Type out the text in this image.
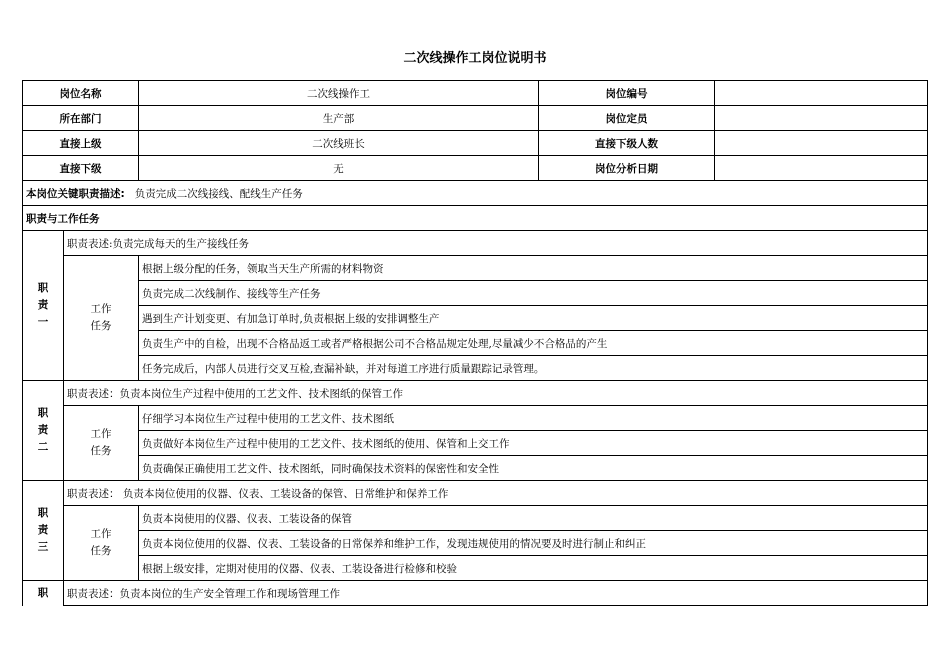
二次线操作工岗位说明书
岗位名称		二次线操作工	岗位编号	
所在部门		生产部	岗位定员	
直接上级		二次线班长	直接下级人数	
直接下级		无	岗位分析日期	
本岗位关键职责描述: 负责完成二次线接线、配线生产任务				
职责与工作任务				

职
责
一	职责表述:负责完成每天的生产接线任务			

	工作
任务	根据上级分配的任务，领取当天生产所需的材料物资		
		负责完成二次线制作、接线等生产任务		
		遇到生产计划变更、有加急订单时,负责根据上级的安排调整生产		
		负责生产中的自检，出现不合格品返工或者严格根据公司不合格品规定处理,尽量减少不合格品的产生		
		任务完成后，内部人员进行交叉互检,查漏补缺，并对每道工序进行质量跟踪记录管理。		

职
责
二	职责表述：负责本岗位生产过程中使用的工艺文件、技术图纸的保管工作			

	工作
任务	仔细学习本岗位生产过程中使用的工艺文件、技术图纸		
		负责做好本岗位生产过程中使用的工艺文件、技术图纸的使用、保管和上交工作		
		负责确保正确使用工艺文件、技术图纸，同时确保技术资料的保密性和安全性		

职
责
三	职责表述： 负责本岗位使用的仪器、仪表、工装设备的保管、日常维护和保养工作			

	工作
任务	负责本岗使用的仪器、仪表、工装设备的保管		
		负责本岗位使用的仪器、仪表、工装设备的日常保养和维护工作，发现违规使用的情况要及时进行制止和纠正		
		根据上级安排，定期对使用的仪器、仪表、工装设备进行检修和校验		
职	职责表述：负责本岗位的生产安全管理工作和现场管理工作			
